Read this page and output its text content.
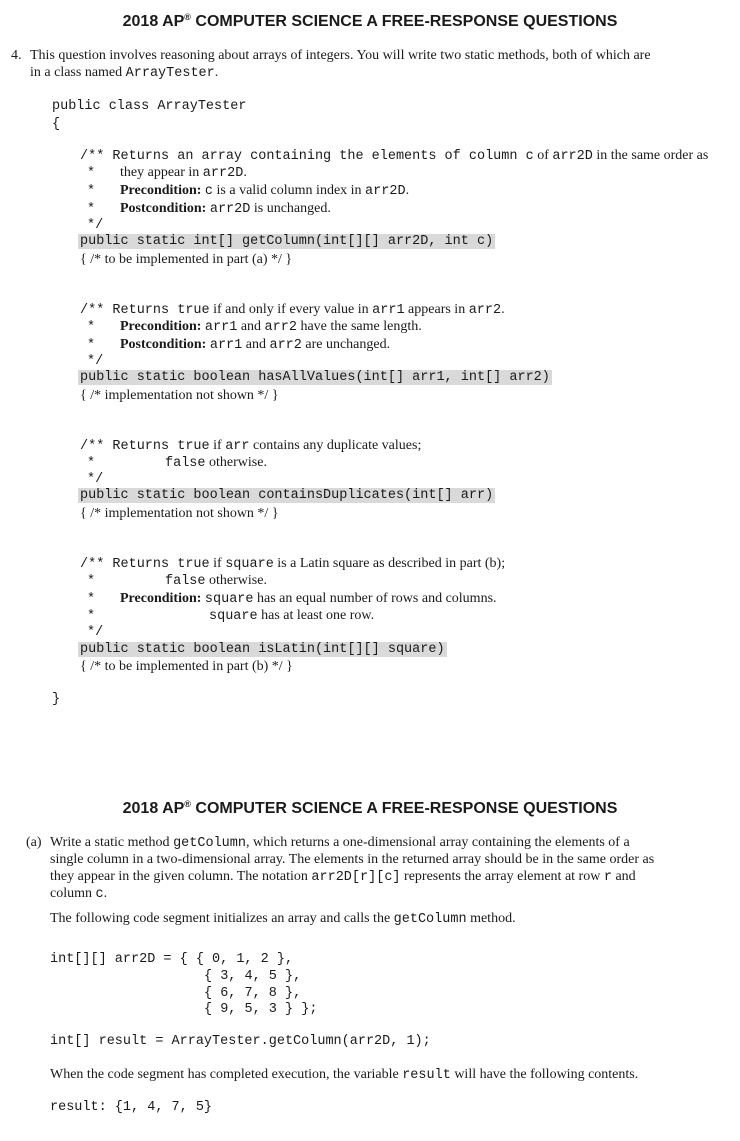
2018 AP® COMPUTER SCIENCE A FREE-RESPONSE QUESTIONS
4. This question involves reasoning about arrays of integers. You will write two static methods, both of which are
in a class named ArrayTester.
public class ArrayTester
{
/** Returns an array containing the elements of column c of arr2D in the same order as
* they appear in arr2D.
* Precondition: c is a valid column index in arr2D.
* Postcondition: arr2D is unchanged.
*/
public static int[] getColumn(int[][] arr2D, int c)
{ /* to be implemented in part (a) */ }
/** Returns true if and only if every value in arr1 appears in arr2.
* Precondition: arr1 and arr2 have the same length.
* Postcondition: arr1 and arr2 are unchanged.
*/
public static boolean hasAllValues(int[] arr1, int[] arr2)
{ /* implementation not shown */ }
/** Returns true if arr contains any duplicate values;
*	false otherwise.
*/
public static boolean containsDuplicates(int[] arr)
{ /* implementation not shown */ }
/** Returns true if square is a Latin square as described in part (b);
*	false otherwise.
* Precondition: square has an equal number of rows and columns.
*	square has at least one row.
*/
public static boolean isLatin(int[][] square)
{ /* to be implemented in part (b) */ }
}
2018 AP® COMPUTER SCIENCE A FREE-RESPONSE QUESTIONS
(a) Write a static method getColumn, which returns a one-dimensional array containing the elements of a
single column in a two-dimensional array. The elements in the returned array should be in the same order as
they appear in the given column. The notation arr2D[r][c] represents the array element at row r and
column c.
The following code segment initializes an array and calls the getColumn method.
int[][] arr2D = { { 0, 1, 2 },
{ 3, 4, 5 },
{ 6, 7, 8 },
{ 9, 5, 3 } };
int[] result = ArrayTester.getColumn(arr2D, 1);
When the code segment has completed execution, the variable result will have the following contents.
result: {1, 4, 7, 5}
